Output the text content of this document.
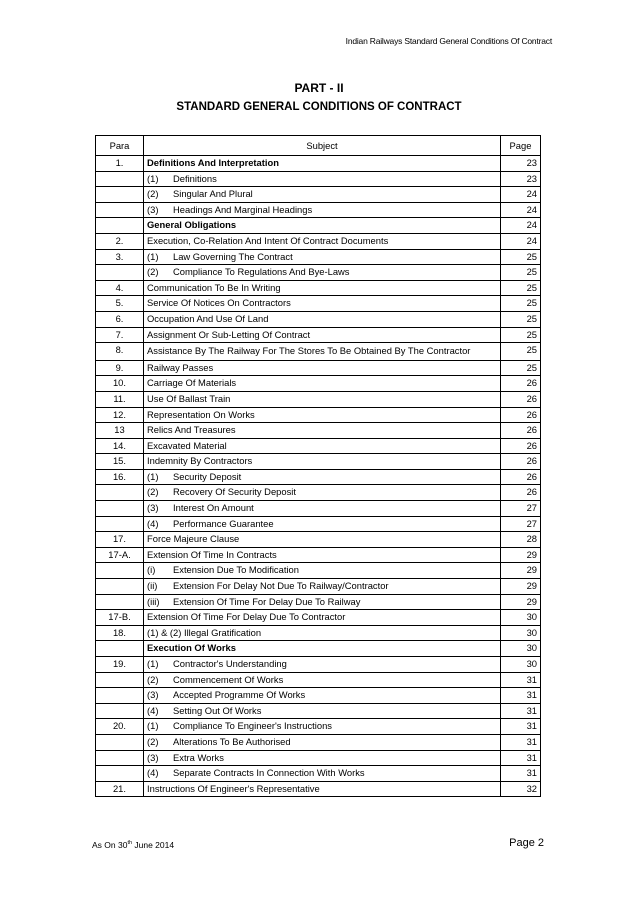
Indian Railways Standard General Conditions Of Contract
PART - II
STANDARD GENERAL CONDITIONS OF CONTRACT
Para	Subject	Page
1.	Definitions And Interpretation	23
	(1) Definitions	23
	(2) Singular And Plural	24
	(3) Headings And Marginal Headings	24
	General Obligations	24
2.	Execution, Co-Relation And Intent Of Contract Documents	24
3.	(1) Law Governing The Contract	25
	(2) Compliance To Regulations And Bye-Laws	25
4.	Communication To Be In Writing	25
5.	Service Of Notices On Contractors	25
6.	Occupation And Use Of Land	25
7.	Assignment Or Sub-Letting Of Contract	25
8.	Assistance By The Railway For The Stores To Be Obtained By The Contractor	25
9.	Railway Passes	25
10.	Carriage Of Materials	26
11.	Use Of Ballast Train	26
12.	Representation On Works	26
13	Relics And Treasures	26
14.	Excavated Material	26
15.	Indemnity By Contractors	26
16.	(1) Security Deposit	26
	(2) Recovery Of Security Deposit	26
	(3) Interest On Amount	27
	(4) Performance Guarantee	27
17.	Force Majeure Clause	28
17-A.	Extension Of Time In Contracts	29
	(i) Extension Due To Modification	29
	(ii) Extension For Delay Not Due To Railway/Contractor	29
	(iii) Extension Of Time For Delay Due To Railway	29
17-B.	Extension Of Time For Delay Due To Contractor	30
18.	(1) & (2) Illegal Gratification	30
	Execution Of Works	30
19.	(1) Contractor's Understanding	30
	(2) Commencement Of Works	31
	(3) Accepted Programme Of Works	31
	(4) Setting Out Of Works	31
20.	(1) Compliance To Engineer's Instructions	31
	(2) Alterations To Be Authorised	31
	(3) Extra Works	31
	(4) Separate Contracts In Connection With Works	31
21.	Instructions Of Engineer's Representative	32
As On 30th June 2014	Page 2
